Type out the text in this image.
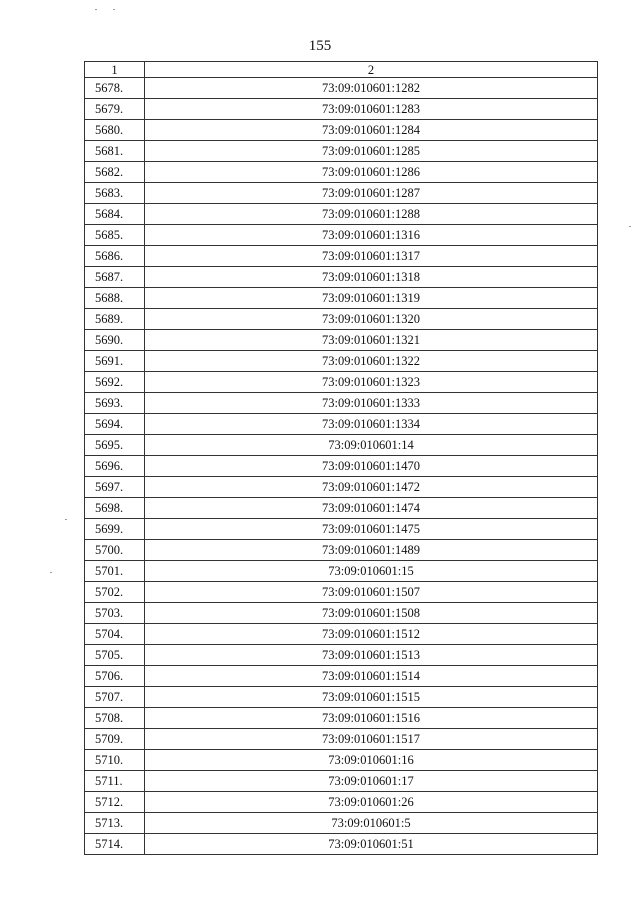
155
1	2
5678.	73:09:010601:1282
5679.	73:09:010601:1283
5680.	73:09:010601:1284
5681.	73:09:010601:1285
5682.	73:09:010601:1286
5683.	73:09:010601:1287
5684.	73:09:010601:1288
5685.	73:09:010601:1316
5686.	73:09:010601:1317
5687.	73:09:010601:1318
5688.	73:09:010601:1319
5689.	73:09:010601:1320
5690.	73:09:010601:1321
5691.	73:09:010601:1322
5692.	73:09:010601:1323
5693.	73:09:010601:1333
5694.	73:09:010601:1334
5695.	73:09:010601:14
5696.	73:09:010601:1470
5697.	73:09:010601:1472
5698.	73:09:010601:1474
5699.	73:09:010601:1475
5700.	73:09:010601:1489
5701.	73:09:010601:15
5702.	73:09:010601:1507
5703.	73:09:010601:1508
5704.	73:09:010601:1512
5705.	73:09:010601:1513
5706.	73:09:010601:1514
5707.	73:09:010601:1515
5708.	73:09:010601:1516
5709.	73:09:010601:1517
5710.	73:09:010601:16
5711.	73:09:010601:17
5712.	73:09:010601:26
5713.	73:09:010601:5
5714.	73:09:010601:51
